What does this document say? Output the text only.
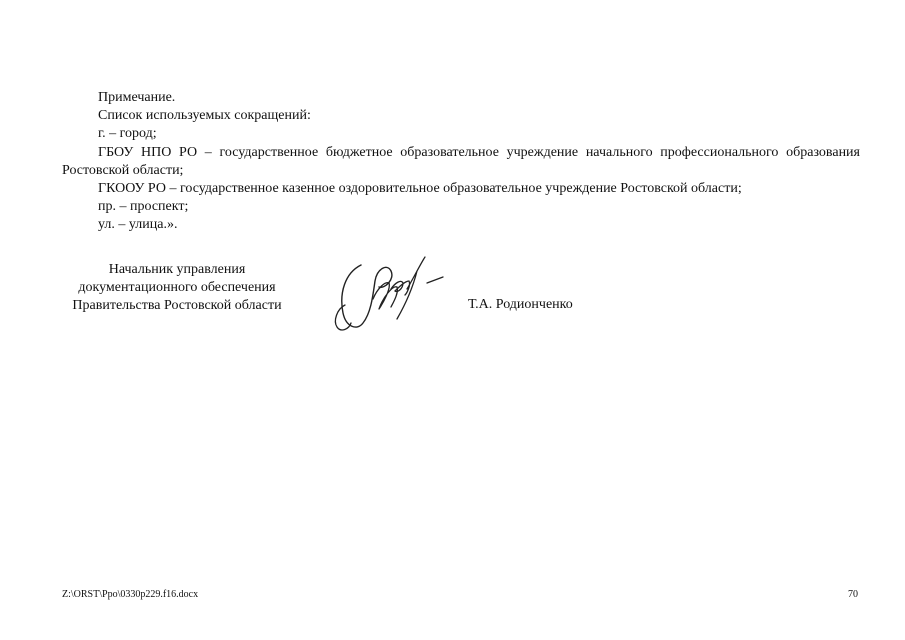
Примечание.

Список используемых сокращений:

г. – город;

ГБОУ НПО РО – государственное бюджетное образовательное учреждение начального профессионального образования Ростовской области;

ГКООУ РО – государственное казенное оздоровительное образовательное учреждение Ростовской области;

пр. – проспект;

ул. – улица.».

Начальник управления
документационного обеспечения
Правительства Ростовской области	Т.А. Родионченко
Z:\ORST\Ppo\0330p229.f16.docx	70
